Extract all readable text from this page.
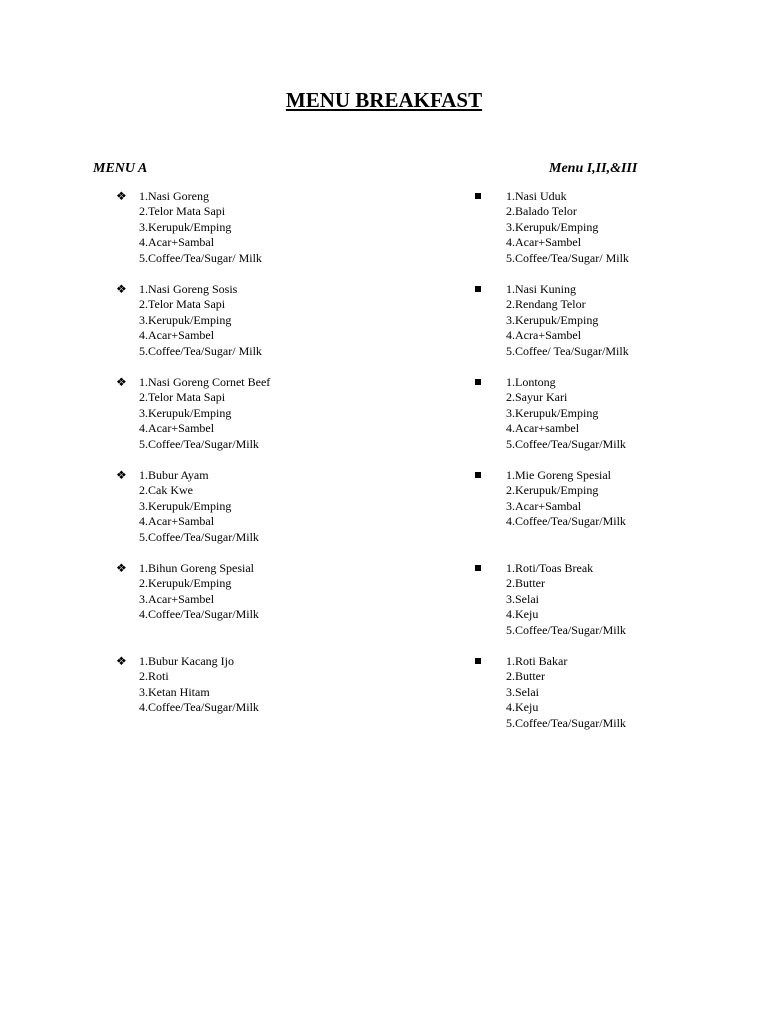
MENU BREAKFAST
MENU A	Menu I,II,&III
❖ 1.Nasi Goreng
2.Telor Mata Sapi
3.Kerupuk/Emping
4.Acar+Sambal
5.Coffee/Tea/Sugar/ Milk
❖ 1.Nasi Goreng Sosis
2.Telor Mata Sapi
3.Kerupuk/Emping
4.Acar+Sambel
5.Coffee/Tea/Sugar/ Milk
❖ 1.Nasi Goreng Cornet Beef
2.Telor Mata Sapi
3.Kerupuk/Emping
4.Acar+Sambel
5.Coffee/Tea/Sugar/Milk
❖ 1.Bubur Ayam
2.Cak Kwe
3.Kerupuk/Emping
4.Acar+Sambal
5.Coffee/Tea/Sugar/Milk
❖ 1.Bihun Goreng Spesial
2.Kerupuk/Emping
3.Acar+Sambel
4.Coffee/Tea/Sugar/Milk
❖ 1.Bubur Kacang Ijo
2.Roti
3.Ketan Hitam
4.Coffee/Tea/Sugar/Milk
1.Nasi Uduk
2.Balado Telor
3.Kerupuk/Emping
4.Acar+Sambel
5.Coffee/Tea/Sugar/ Milk
1.Nasi Kuning
2.Rendang Telor
3.Kerupuk/Emping
4.Acra+Sambel
5.Coffee/ Tea/Sugar/Milk
1.Lontong
2.Sayur Kari
3.Kerupuk/Emping
4.Acar+sambel
5.Coffee/Tea/Sugar/Milk
1.Mie Goreng Spesial
2.Kerupuk/Emping
3.Acar+Sambal
4.Coffee/Tea/Sugar/Milk
1.Roti/Toas Break
2.Butter
3.Selai
4.Keju
5.Coffee/Tea/Sugar/Milk
1.Roti Bakar
2.Butter
3.Selai
4.Keju
5.Coffee/Tea/Sugar/Milk
